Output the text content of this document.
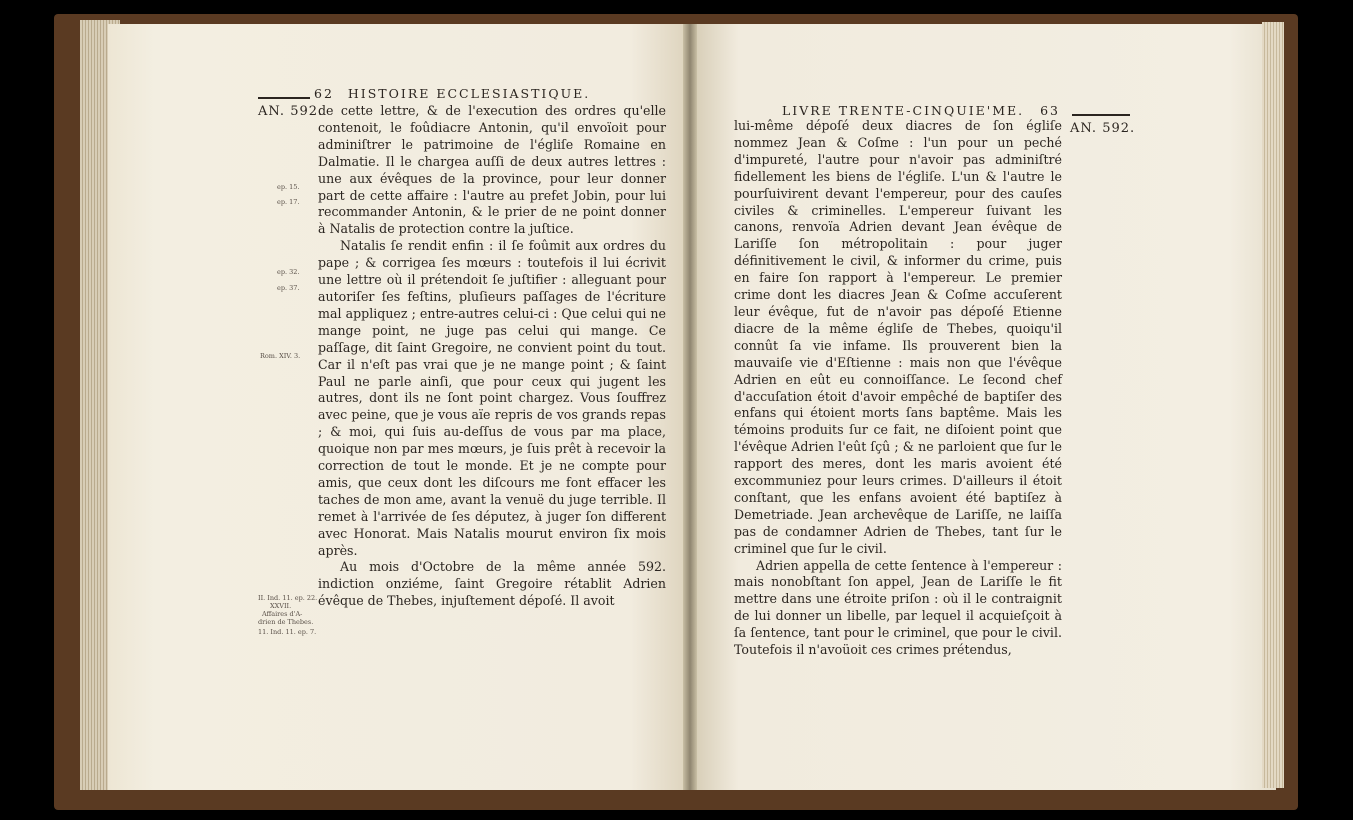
62 HISTOIRE ECCLESIASTIQUE.
AN. 592.
ep. 15.
ep. 17.
ep. 32.
ep. 37.
Rom. XIV. 3.
II. Ind. 11. ep. 22.
XXVII.
Affaires d'A-
drien de Thebes.
11. Ind. 11. ep. 7.

de cette lettre, & de l'execution des ordres qu'elle contenoit, le foûdiacre Antonin, qu'il envoïoit pour adminiſtrer le patrimoine de l'égliſe Romaine en Dalmatie. Il le chargea auſſi de deux autres lettres : une aux évêques de la province, pour leur donner part de cette affaire : l'autre au prefet Jobin, pour lui recommander Antonin, & le prier de ne point donner à Natalis de protection contre la juſtice.

Natalis ſe rendit enfin : il ſe foûmit aux ordres du pape ; & corrigea ſes mœurs : toutefois il lui écrivit une lettre où il prétendoit ſe juſtifier : alleguant pour autoriſer ſes feſtins, pluſieurs paſſages de l'écriture mal appliquez ; entre-autres celui-ci : Que celui qui ne mange point, ne juge pas celui qui mange. Ce paſſage, dit ſaint Gregoire, ne convient point du tout. Car il n'eſt pas vrai que je ne mange point ; & ſaint Paul ne parle ainſi, que pour ceux qui jugent les autres, dont ils ne ſont point chargez. Vous ſouffrez avec peine, que je vous aïe repris de vos grands repas ; & moi, qui ſuis au-deſſus de vous par ma place, quoique non par mes mœurs, je ſuis prêt à recevoir la correction de tout le monde. Et je ne compte pour amis, que ceux dont les diſcours me font effacer les taches de mon ame, avant la venuë du juge terrible. Il remet à l'arrivée de ſes députez, à juger ſon different avec Honorat. Mais Natalis mourut environ ſix mois après.

Au mois d'Octobre de la même année 592. indiction onziéme, ſaint Gregoire rétablit Adrien évêque de Thebes, injuſtement dépoſé. Il avoit

LIVRE TRENTE-CINQUIE'ME. 63
AN. 592.

lui-même dépoſé deux diacres de ſon égliſe nommez Jean & Coſme : l'un pour un peché d'impureté, l'autre pour n'avoir pas adminiſtré fidellement les biens de l'égliſe. L'un & l'autre le pourſuivirent devant l'empereur, pour des cauſes civiles & criminelles. L'empereur ſuivant les canons, renvoïa Adrien devant Jean évêque de Lariſſe ſon métropolitain : pour juger définitivement le civil, & informer du crime, puis en faire ſon rapport à l'empereur. Le premier crime dont les diacres Jean & Coſme accuſerent leur évêque, fut de n'avoir pas dépoſé Etienne diacre de la même égliſe de Thebes, quoiqu'il connût ſa vie infame. Ils prouverent bien la mauvaiſe vie d'Eſtienne : mais non que l'évêque Adrien en eût eu connoiſſance. Le ſecond chef d'accuſation étoit d'avoir empêché de baptiſer des enfans qui étoient morts ſans baptême. Mais les témoins produits ſur ce fait, ne diſoient point que l'évêque Adrien l'eût ſçû ; & ne parloient que ſur le rapport des meres, dont les maris avoient été excommuniez pour leurs crimes. D'ailleurs il étoit conſtant, que les enfans avoient été baptiſez à Demetriade. Jean archevêque de Lariſſe, ne laiſſa pas de condamner Adrien de Thebes, tant ſur le criminel que ſur le civil.

Adrien appella de cette ſentence à l'empereur : mais nonobſtant ſon appel, Jean de Lariſſe le fit mettre dans une étroite priſon : où il le contraignit de lui donner un libelle, par lequel il acquieſçoit à ſa ſentence, tant pour le criminel, que pour le civil. Toutefois il n'avoüoit ces crimes prétendus,
